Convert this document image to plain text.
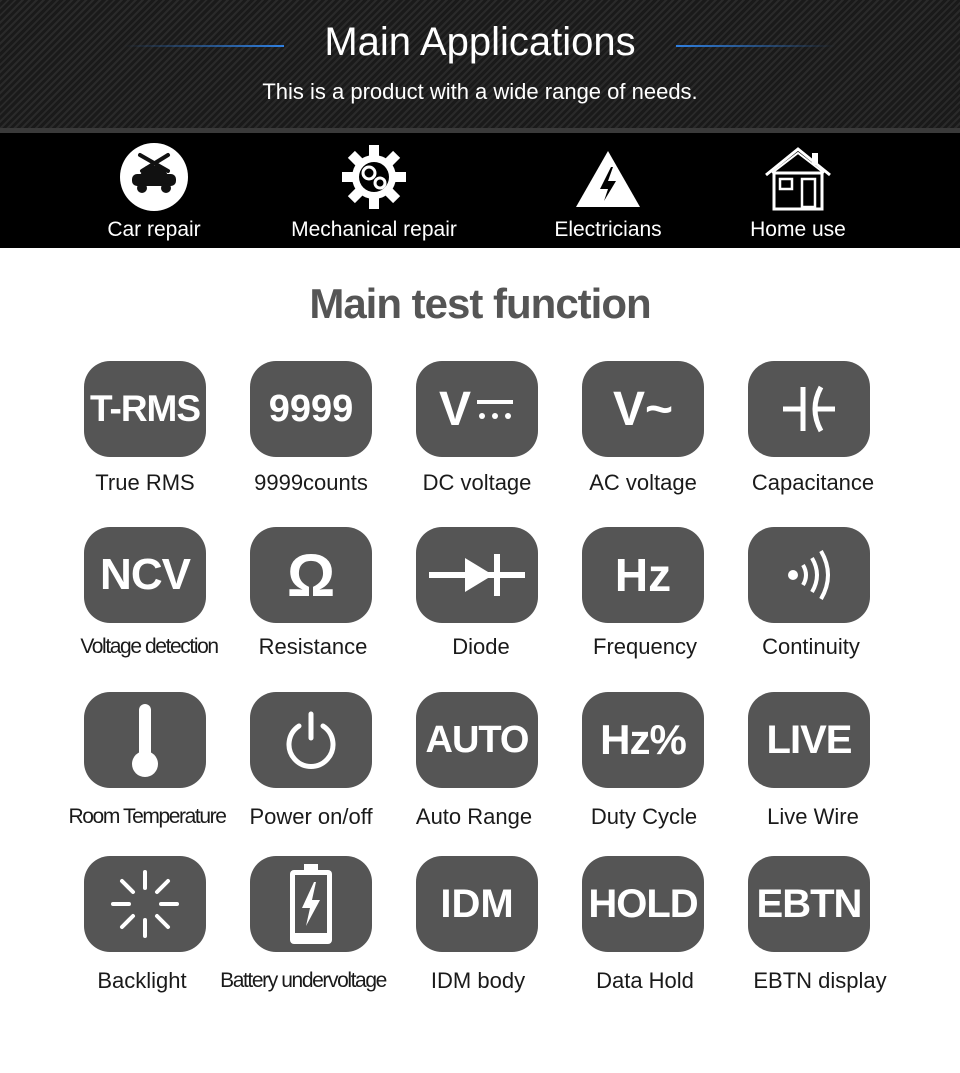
Main Applications
This is a product with a wide range of needs.
Car repair	Mechanical repair	Electricians	Home use
Main test function
T-RMS
True RMS
9999
9999counts
V
DC voltage
V~
AC voltage	Capacitance
NCV
Voltage detection
Ω
Resistance	Diode
Hz
Frequency	Continuity
Room Temperature	Power on/off
AUTO
Auto Range
Hz%
Duty Cycle
LIVE
Live Wire
Backlight	Battery undervoltage
IDM
IDM body
HOLD
Data Hold
EBTN
EBTN display
